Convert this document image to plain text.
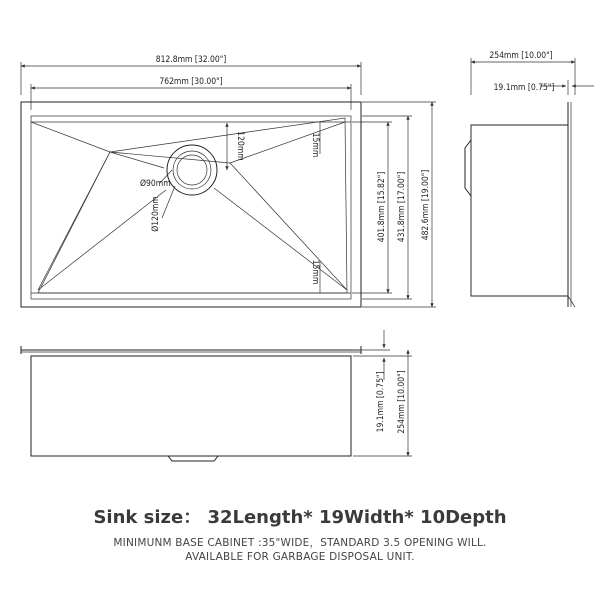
120mm
Ø90mm
Ø120mm
15mm
15mm
812.8mm [32.00"]
762mm [30.00"]
401.8mm [15.82"] 431.8mm [17.00"] 482.6mm [19.00"]
254mm [10.00"]
19.1mm [0.75"]
19.1mm [0.75"] 254mm [10.00"]
Sink size： 32Length* 19Width* 10Depth
MINIMUNM BASE CABINET :35"WIDE，STANDARD 3.5 OPENING WILL.
AVAILABLE FOR GARBAGE DISPOSAL UNIT.
